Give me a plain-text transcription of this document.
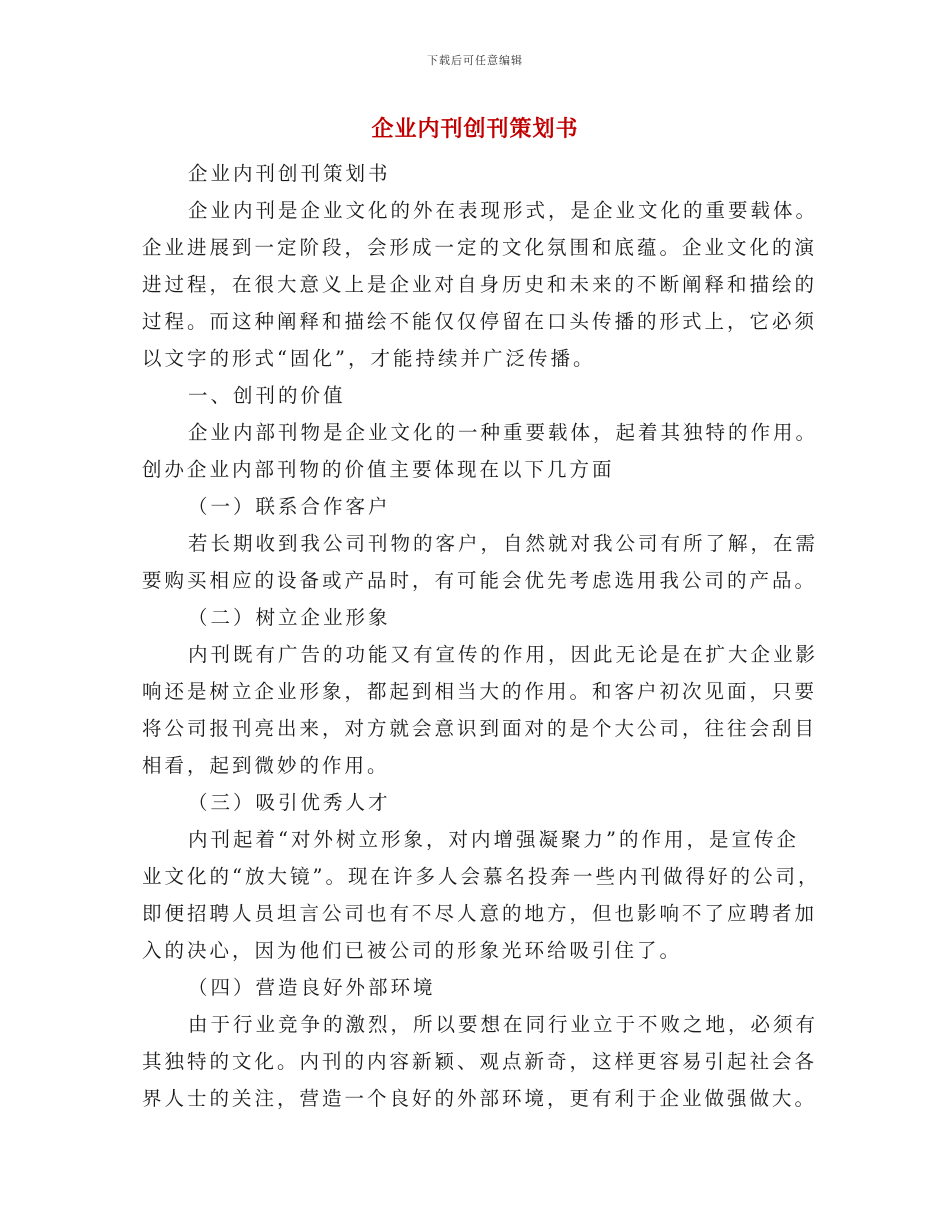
下载后可任意编辑
企业内刊创刊策划书
企业内刊创刊策划书
企业内刊是企业文化的外在表现形式，是企业文化的重要载体。
企业进展到一定阶段，会形成一定的文化氛围和底蕴。企业文化的演
进过程，在很大意义上是企业对自身历史和未来的不断阐释和描绘的
过程。而这种阐释和描绘不能仅仅停留在口头传播的形式上，它必须
以文字的形式“固化”，才能持续并广泛传播。
一、创刊的价值
企业内部刊物是企业文化的一种重要载体，起着其独特的作用。
创办企业内部刊物的价值主要体现在以下几方面
（一）联系合作客户
若长期收到我公司刊物的客户，自然就对我公司有所了解，在需
要购买相应的设备或产品时，有可能会优先考虑选用我公司的产品。
（二）树立企业形象
内刊既有广告的功能又有宣传的作用，因此无论是在扩大企业影
响还是树立企业形象，都起到相当大的作用。和客户初次见面，只要
将公司报刊亮出来，对方就会意识到面对的是个大公司，往往会刮目
相看，起到微妙的作用。
（三）吸引优秀人才
内刊起着“对外树立形象，对内增强凝聚力”的作用，是宣传企
业文化的“放大镜”。现在许多人会慕名投奔一些内刊做得好的公司，
即便招聘人员坦言公司也有不尽人意的地方，但也影响不了应聘者加
入的决心，因为他们已被公司的形象光环给吸引住了。
（四）营造良好外部环境
由于行业竞争的激烈，所以要想在同行业立于不败之地，必须有
其独特的文化。内刊的内容新颖、观点新奇，这样更容易引起社会各
界人士的关注，营造一个良好的外部环境，更有利于企业做强做大。
